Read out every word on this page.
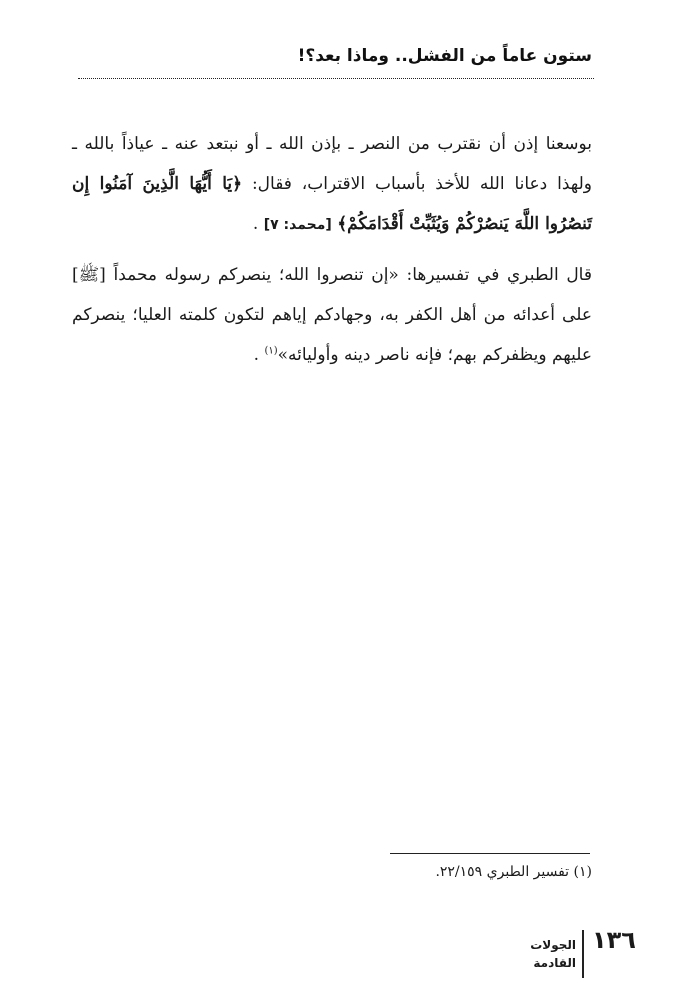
ستون عاماً من الفشل.. وماذا بعد؟!

بوسعنا إذن أن نقترب من النصر ـ بإذن الله ـ أو نبتعد عنه ـ عياذاً بالله ـ ولهذا دعانا الله للأخذ بأسباب الاقتراب، فقال: ﴿يَا أَيُّهَا الَّذِينَ آمَنُوا إِن تَنصُرُوا اللَّهَ يَنصُرْكُمْ وَيُثَبِّتْ أَقْدَامَكُمْ﴾ [محمد: ٧] .

قال الطبري في تفسيرها: «إن تنصروا الله؛ ينصركم رسوله محمداً [ﷺ] على أعدائه من أهل الكفر به، وجهادكم إياهم لتكون كلمته العليا؛ ينصركم عليهم ويظفركم بهم؛ فإنه ناصر دينه وأوليائه»$^{(١)}$ .

(١) تفسير الطبري ٢٢/١٥٩.
١٣٦
الجولات
القادمة
